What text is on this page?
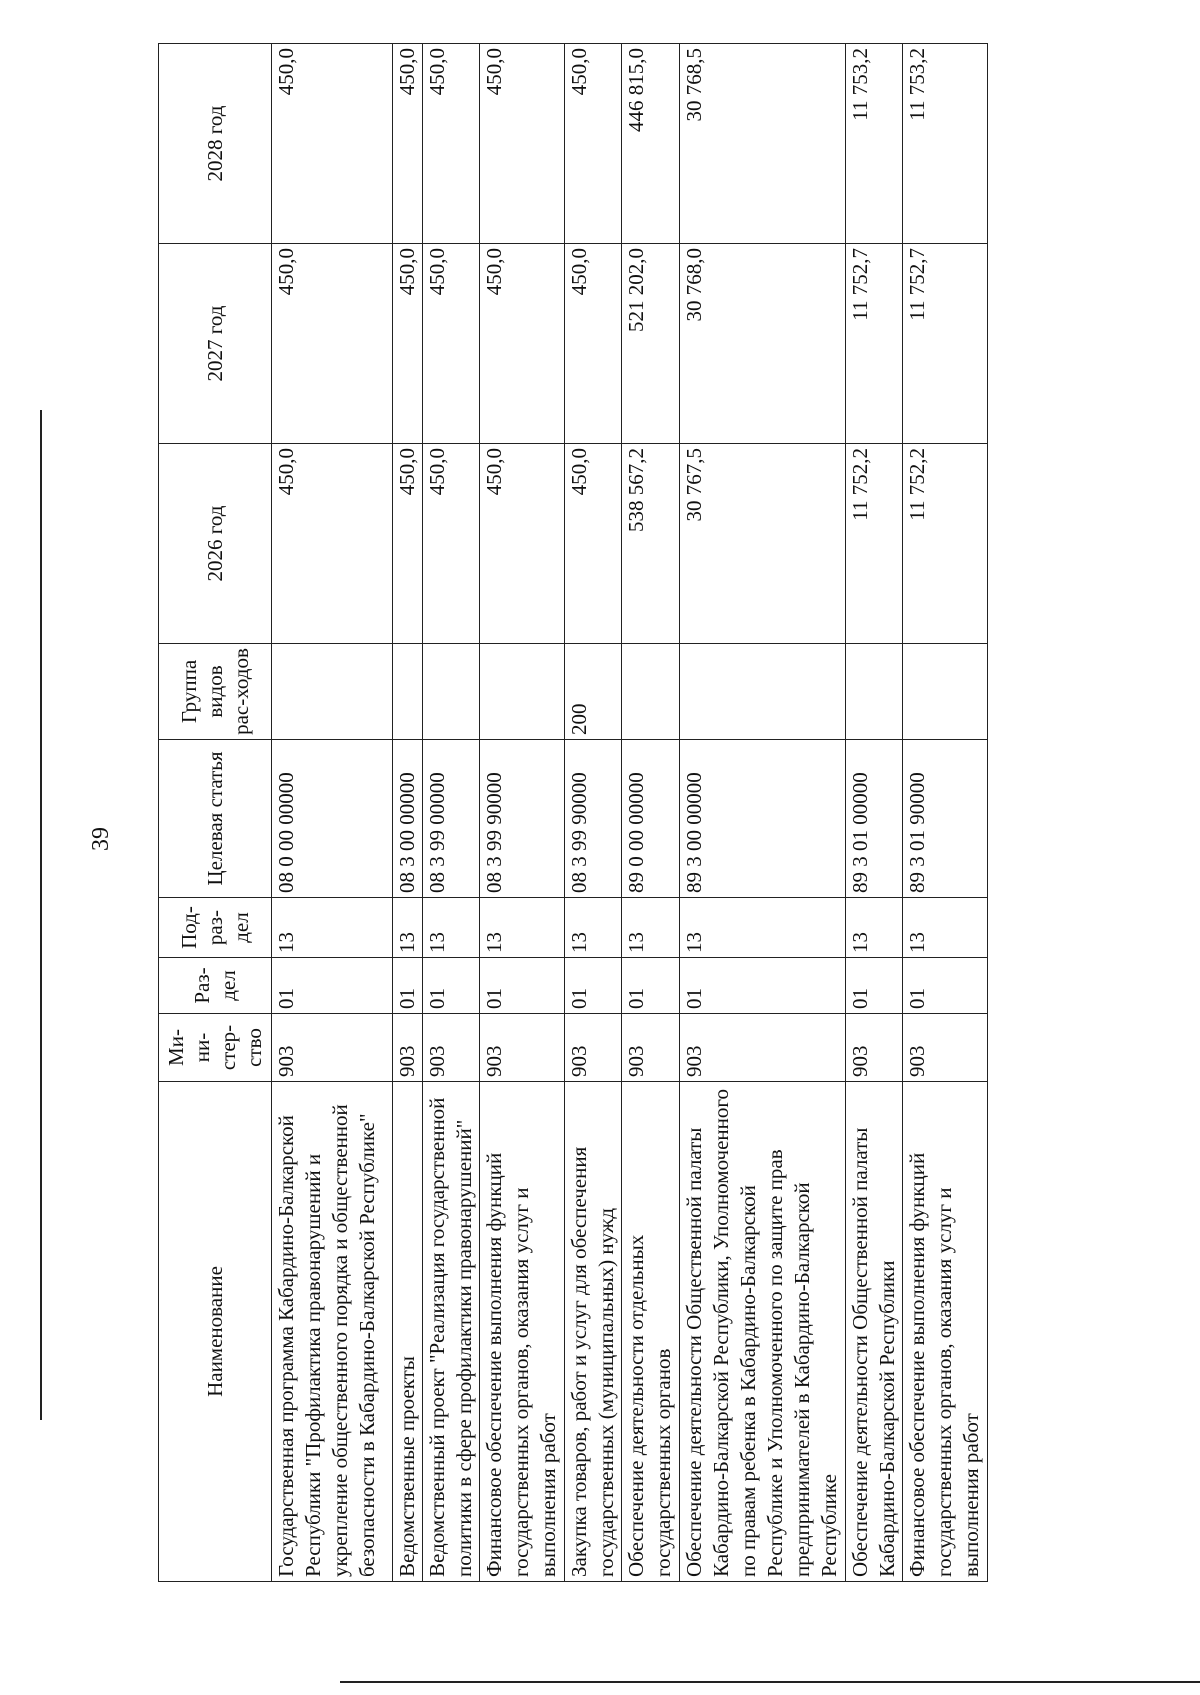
39
Наименование	Ми-ни-стер-ство	Раз-дел	Под-раз-дел	Целевая статья	Группа видов рас-ходов	2026 год	2027 год	2028 год
Государственная программа Кабардино-Балкарской Республики "Профилактика правонарушений и укрепление общественного порядка и общественной безопасности в Кабардино-Балкарской Республике"	903	01	13	08 0 00 00000		450,0	450,0	450,0
Ведомственные проекты	903	01	13	08 3 00 00000		450,0	450,0	450,0
Ведомственный проект "Реализация государственной политики в сфере профилактики правонарушений"	903	01	13	08 3 99 00000		450,0	450,0	450,0
Финансовое обеспечение выполнения функций государственных органов, оказания услуг и выполнения работ	903	01	13	08 3 99 90000		450,0	450,0	450,0
Закупка товаров, работ и услуг для обеспечения государственных (муниципальных) нужд	903	01	13	08 3 99 90000	200	450,0	450,0	450,0
Обеспечение деятельности отдельных государственных органов	903	01	13	89 0 00 00000		538 567,2	521 202,0	446 815,0
Обеспечение деятельности Общественной палаты Кабардино-Балкарской Республики, Уполномоченного по правам ребенка в Кабардино-Балкарской Республике и Уполномоченного по защите прав предпринимателей в Кабардино-Балкарской Республике	903	01	13	89 3 00 00000		30 767,5	30 768,0	30 768,5
Обеспечение деятельности Общественной палаты Кабардино-Балкарской Республики	903	01	13	89 3 01 00000		11 752,2	11 752,7	11 753,2
Финансовое обеспечение выполнения функций государственных органов, оказания услуг и выполнения работ	903	01	13	89 3 01 90000		11 752,2	11 752,7	11 753,2
